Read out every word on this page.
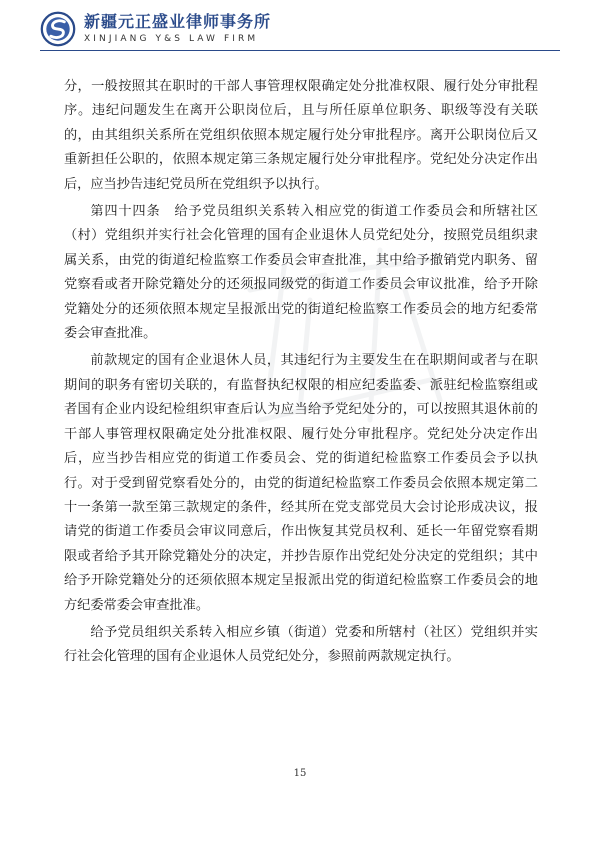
新疆元正盛业律师事务所
XINJIANG Y&S LAW FIRM

分，一般按照其在职时的干部人事管理权限确定处分批准权限、履行处分审批程序。违纪问题发生在离开公职岗位后，且与所任原单位职务、职级等没有关联的，由其组织关系所在党组织依照本规定履行处分审批程序。离开公职岗位后又重新担任公职的，依照本规定第三条规定履行处分审批程序。党纪处分决定作出后，应当抄告违纪党员所在党组织予以执行。

第四十四条　给予党员组织关系转入相应党的街道工作委员会和所辖社区（村）党组织并实行社会化管理的国有企业退休人员党纪处分，按照党员组织隶属关系，由党的街道纪检监察工作委员会审查批准，其中给予撤销党内职务、留党察看或者开除党籍处分的还须报同级党的街道工作委员会审议批准，给予开除党籍处分的还须依照本规定呈报派出党的街道纪检监察工作委员会的地方纪委常委会审查批准。

前款规定的国有企业退休人员，其违纪行为主要发生在在职期间或者与在职期间的职务有密切关联的，有监督执纪权限的相应纪委监委、派驻纪检监察组或者国有企业内设纪检组织审查后认为应当给予党纪处分的，可以按照其退休前的干部人事管理权限确定处分批准权限、履行处分审批程序。党纪处分决定作出后，应当抄告相应党的街道工作委员会、党的街道纪检监察工作委员会予以执行。对于受到留党察看处分的，由党的街道纪检监察工作委员会依照本规定第二十一条第一款至第三款规定的条件，经其所在党支部党员大会讨论形成决议，报请党的街道工作委员会审议同意后，作出恢复其党员权利、延长一年留党察看期限或者给予其开除党籍处分的决定，并抄告原作出党纪处分决定的党组织；其中给予开除党籍处分的还须依照本规定呈报派出党的街道纪检监察工作委员会的地方纪委常委会审查批准。

给予党员组织关系转入相应乡镇（街道）党委和所辖村（社区）党组织并实行社会化管理的国有企业退休人员党纪处分，参照前两款规定执行。

15
